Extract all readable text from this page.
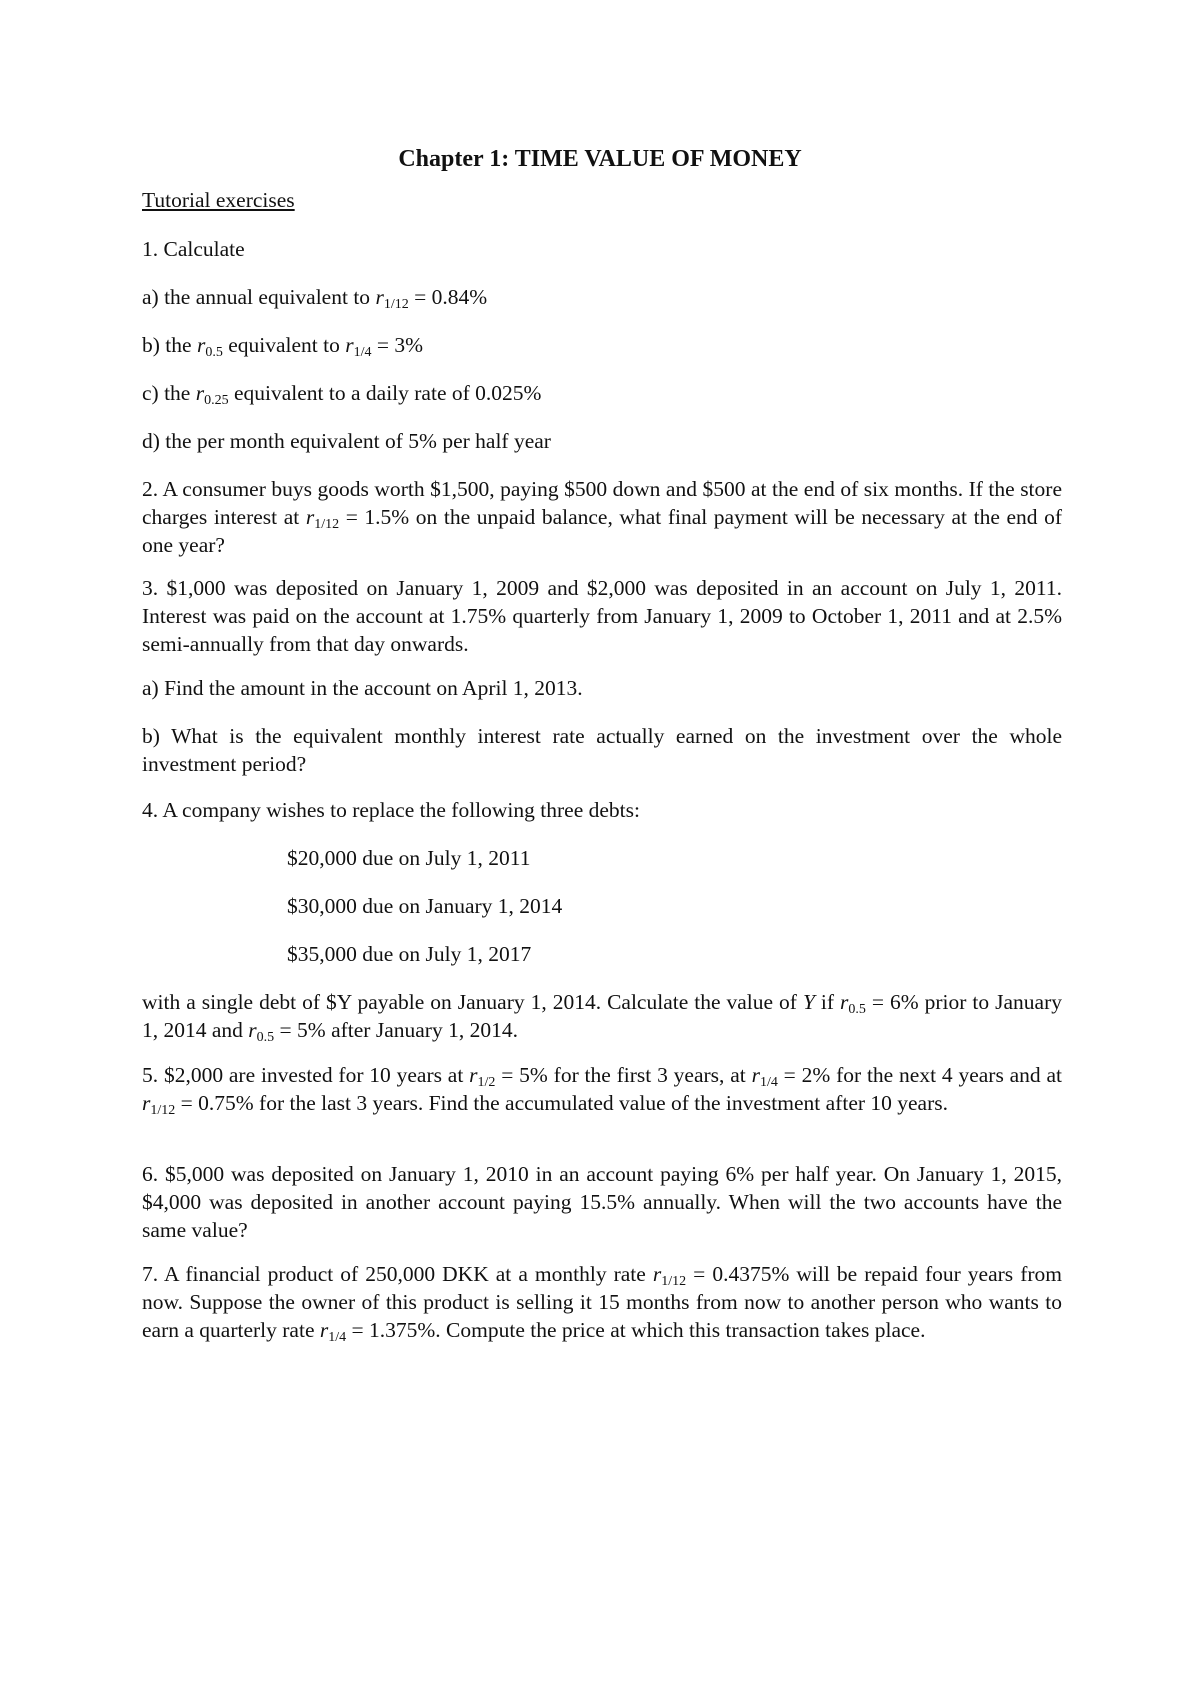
Chapter 1: TIME VALUE OF MONEY

Tutorial exercises

1. Calculate

a) the annual equivalent to $r_{1/12} = 0.84\%$

b) the $r_{0.5}$ equivalent to $r_{1/4} = 3\%$

c) the $r_{0.25}$ equivalent to a daily rate of 0.025%

d) the per month equivalent of 5% per half year

2. A consumer buys goods worth $1,500, paying $500 down and $500 at the end of six months. If the store charges interest at $r_{1/12} = 1.5\%$ on the unpaid balance, what final payment will be necessary at the end of one year?

3. $1,000 was deposited on January 1, 2009 and $2,000 was deposited in an account on July 1, 2011. Interest was paid on the account at 1.75% quarterly from January 1, 2009 to October 1, 2011 and at 2.5% semi-annually from that day onwards.

a) Find the amount in the account on April 1, 2013.

b) What is the equivalent monthly interest rate actually earned on the investment over the whole investment period?

4. A company wishes to replace the following three debts:

$20,000 due on July 1, 2011

$30,000 due on January 1, 2014

$35,000 due on July 1, 2017

with a single debt of $Y payable on January 1, 2014. Calculate the value of Y if $r_{0.5} = 6\%$ prior to January 1, 2014 and $r_{0.5} = 5\%$ after January 1, 2014.

5. $2,000 are invested for 10 years at $r_{1/2} = 5\%$ for the first 3 years, at $r_{1/4} = 2\%$ for the next 4 years and at $r_{1/12} = 0.75\%$ for the last 3 years. Find the accumulated value of the investment after 10 years.

6. $5,000 was deposited on January 1, 2010 in an account paying 6% per half year. On January 1, 2015, $4,000 was deposited in another account paying 15.5% annually. When will the two accounts have the same value?

7. A financial product of 250,000 DKK at a monthly rate $r_{1/12} = 0.4375\%$ will be repaid four years from now. Suppose the owner of this product is selling it 15 months from now to another person who wants to earn a quarterly rate $r_{1/4} = 1.375\%$. Compute the price at which this transaction takes place.
